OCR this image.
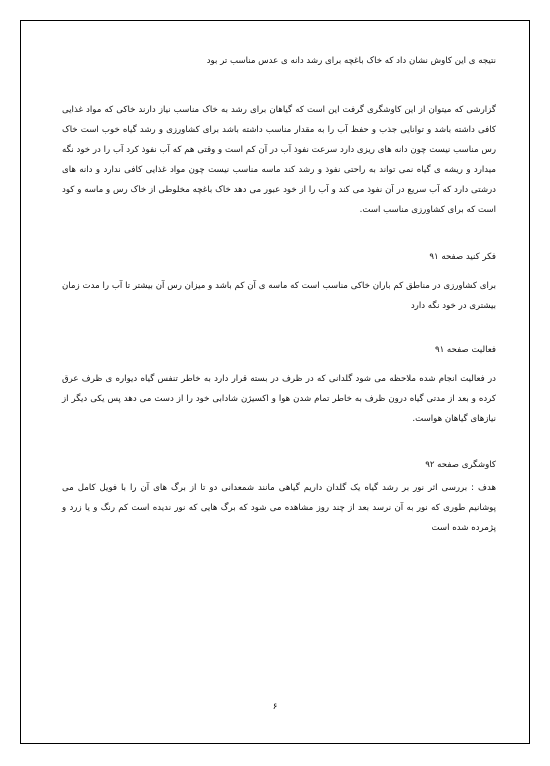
نتیجه ی این کاوش نشان داد که خاک باغچه برای رشد دانه ی عدس مناسب تر بود

گزارشی که میتوان از این کاوشگری گرفت این است که گیاهان برای رشد به خاک مناسب نیاز دارند خاکی که مواد غذایی کافی داشته باشد و توانایی جذب و حفظ آب را به مقدار مناسب داشته باشد برای کشاورزی و رشد گیاه خوب است خاک رس مناسب نیست چون دانه های ریزی دارد سرعت نفوذ آب در آن کم است و وقتی هم که آب نفوذ کرد آب را در خود نگه میدارد و ریشه ی گیاه نمی تواند به راحتی نفوذ و رشد کند ماسه مناسب نیست چون مواد غذایی کافی ندارد و دانه های درشتی دارد که آب سریع در آن نفوذ می کند و آب را از خود عبور می دهد خاک باغچه مخلوطی از خاک رس و ماسه و کود است که برای کشاورزی مناسب است.

فکر کنید صفحه ۹۱

برای کشاورزی در مناطق کم باران خاکی مناسب است که ماسه ی آن کم باشد و میزان رس آن بیشتر تا آب را مدت زمان بیشتری در خود نگه دارد

فعالیت صفحه ۹۱

در فعالیت انجام شده ملاحظه می شود گلدانی که در ظرف در بسته قرار دارد به خاطر تنفس گیاه دیواره ی ظرف عرق کرده و بعد از مدتی گیاه درون ظرف به خاطر تمام شدن هوا و اکسیژن شادابی خود را از دست می دهد پس یکی دیگر از نیازهای گیاهان هواست.

کاوشگری صفحه ۹۲

هدف : بررسی اثر نور بر رشد گیاه یک گلدان داریم گیاهی مانند شمعدانی دو تا از برگ های آن را با فویل کامل می پوشانیم طوری که نور به آن نرسد بعد از چند روز مشاهده می شود که برگ هایی که نور ندیده است کم رنگ و یا زرد و پژمرده شده است

۶
